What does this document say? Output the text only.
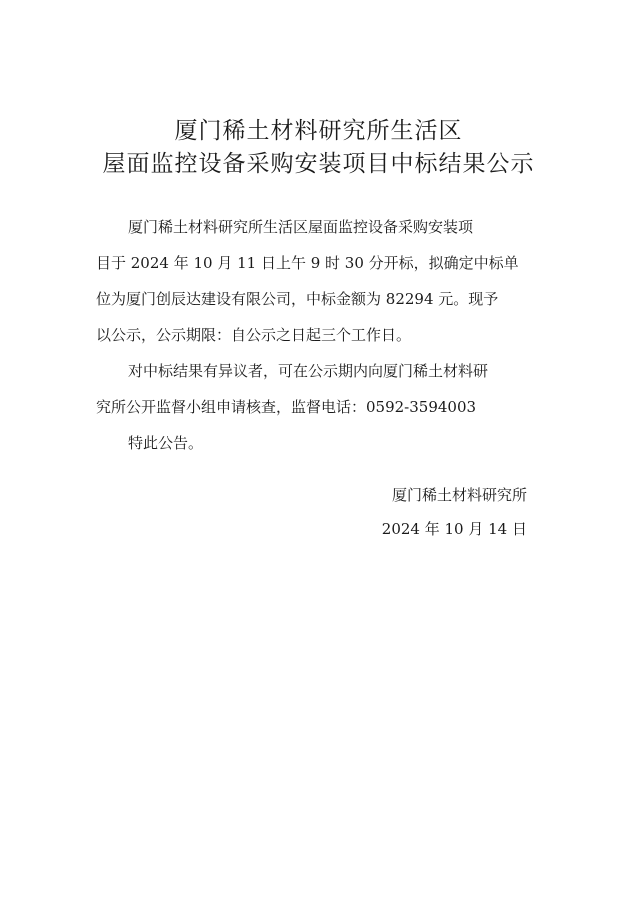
厦门稀土材料研究所生活区
屋面监控设备采购安装项目中标结果公示
厦门稀土材料研究所生活区屋面监控设备采购安装项
目于 2024 年 10 月 11 日上午 9 时 30 分开标，拟确定中标单
位为厦门创辰达建设有限公司，中标金额为 82294 元。现予
以公示，公示期限：自公示之日起三个工作日。
对中标结果有异议者，可在公示期内向厦门稀土材料研
究所公开监督小组申请核查，监督电话：0592-3594003
特此公告。
厦门稀土材料研究所
2024 年 10 月 14 日
